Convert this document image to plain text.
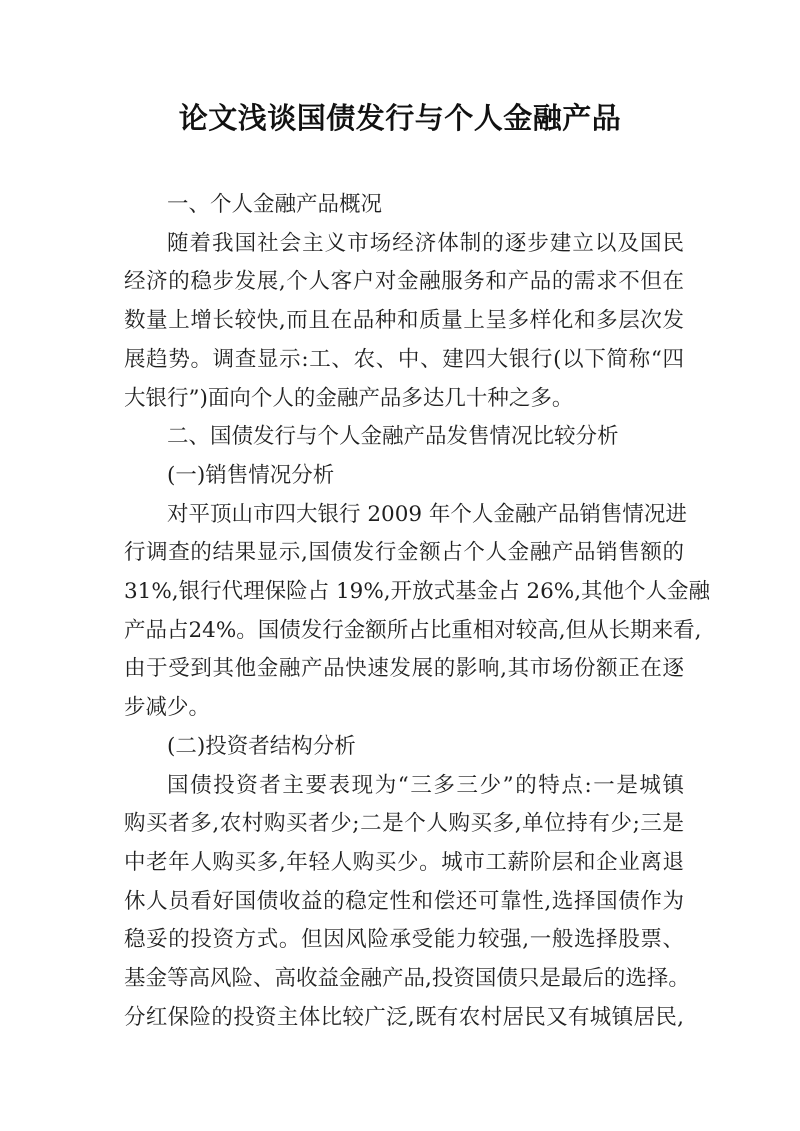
论文浅谈国债发行与个人金融产品
一、个人金融产品概况

随着我国社会主义市场经济体制的逐步建立以及国民
经济的稳步发展,个人客户对金融服务和产品的需求不但在
数量上增长较快,而且在品种和质量上呈多样化和多层次发
展趋势。调查显示:工、农、中、建四大银行(以下简称“四
大银行”)面向个人的金融产品多达几十种之多。

二、国债发行与个人金融产品发售情况比较分析
(一)销售情况分析

对平顶山市四大银行 2009 年个人金融产品销售情况进
行调查的结果显示,国债发行金额占个人金融产品销售额的
31%,银行代理保险占 19%,开放式基金占 26%,其他个人金融
产品占24%。国债发行金额所占比重相对较高,但从长期来看,
由于受到其他金融产品快速发展的影响,其市场份额正在逐
步减少。

(二)投资者结构分析

国债投资者主要表现为“三多三少”的特点:一是城镇
购买者多,农村购买者少;二是个人购买多,单位持有少;三是
中老年人购买多,年轻人购买少。城市工薪阶层和企业离退
休人员看好国债收益的稳定性和偿还可靠性,选择国债作为
稳妥的投资方式。但因风险承受能力较强,一般选择股票、
基金等高风险、高收益金融产品,投资国债只是最后的选择。
分红保险的投资主体比较广泛,既有农村居民又有城镇居民,
